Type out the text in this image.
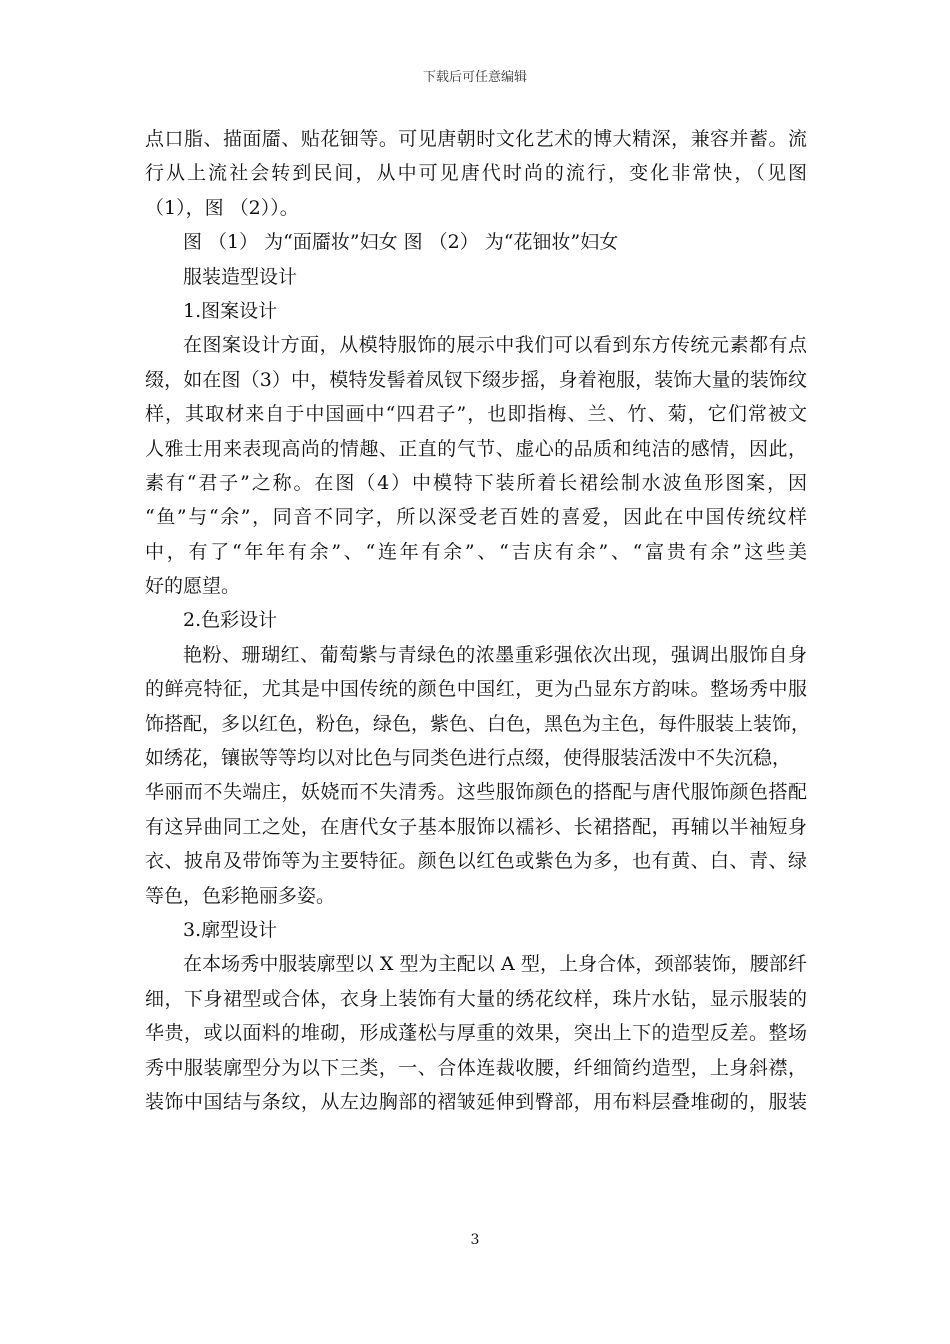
下载后可任意编辑
点口脂、描面靥、贴花钿等。可见唐朝时文化艺术的博大精深，兼容并蓄。流
行从上流社会转到民间，从中可见唐代时尚的流行，变化非常快，（见图
（1），图 （2））。
图 （1） 为“面靥妆”妇女 图 （2） 为“花钿妆”妇女
服装造型设计
1.图案设计
在图案设计方面，从模特服饰的展示中我们可以看到东方传统元素都有点
缀，如在图（3）中，模特发髻着凤钗下缀步摇，身着袍服，装饰大量的装饰纹
样，其取材来自于中国画中“四君子”，也即指梅、兰、竹、菊，它们常被文
人雅士用来表现高尚的情趣、正直的气节、虚心的品质和纯洁的感情，因此，
素有“君子”之称。在图（4）中模特下装所着长裙绘制水波鱼形图案，因
“鱼”与“余”，同音不同字，所以深受老百姓的喜爱，因此在中国传统纹样
中，有了“年年有余”、“连年有余”、“吉庆有余”、“富贵有余”这些美
好的愿望。
2.色彩设计
艳粉、珊瑚红、葡萄紫与青绿色的浓墨重彩强依次出现，强调出服饰自身
的鲜亮特征，尤其是中国传统的颜色中国红，更为凸显东方韵味。整场秀中服
饰搭配，多以红色，粉色，绿色，紫色、白色，黑色为主色，每件服装上装饰，
如绣花，镶嵌等等均以对比色与同类色进行点缀，使得服装活泼中不失沉稳，
华丽而不失端庄，妖娆而不失清秀。这些服饰颜色的搭配与唐代服饰颜色搭配
有这异曲同工之处，在唐代女子基本服饰以襦衫、长裙搭配，再辅以半袖短身
衣、披帛及带饰等为主要特征。颜色以红色或紫色为多，也有黄、白、青、绿
等色，色彩艳丽多姿。
3.廓型设计
在本场秀中服装廓型以 X 型为主配以 A 型，上身合体，颈部装饰，腰部纤
细，下身裙型或合体，衣身上装饰有大量的绣花纹样，珠片水钻，显示服装的
华贵，或以面料的堆砌，形成蓬松与厚重的效果，突出上下的造型反差。整场
秀中服装廓型分为以下三类，一、合体连裁收腰，纤细简约造型，上身斜襟，
装饰中国结与条纹，从左边胸部的褶皱延伸到臀部，用布料层叠堆砌的，服装
3
